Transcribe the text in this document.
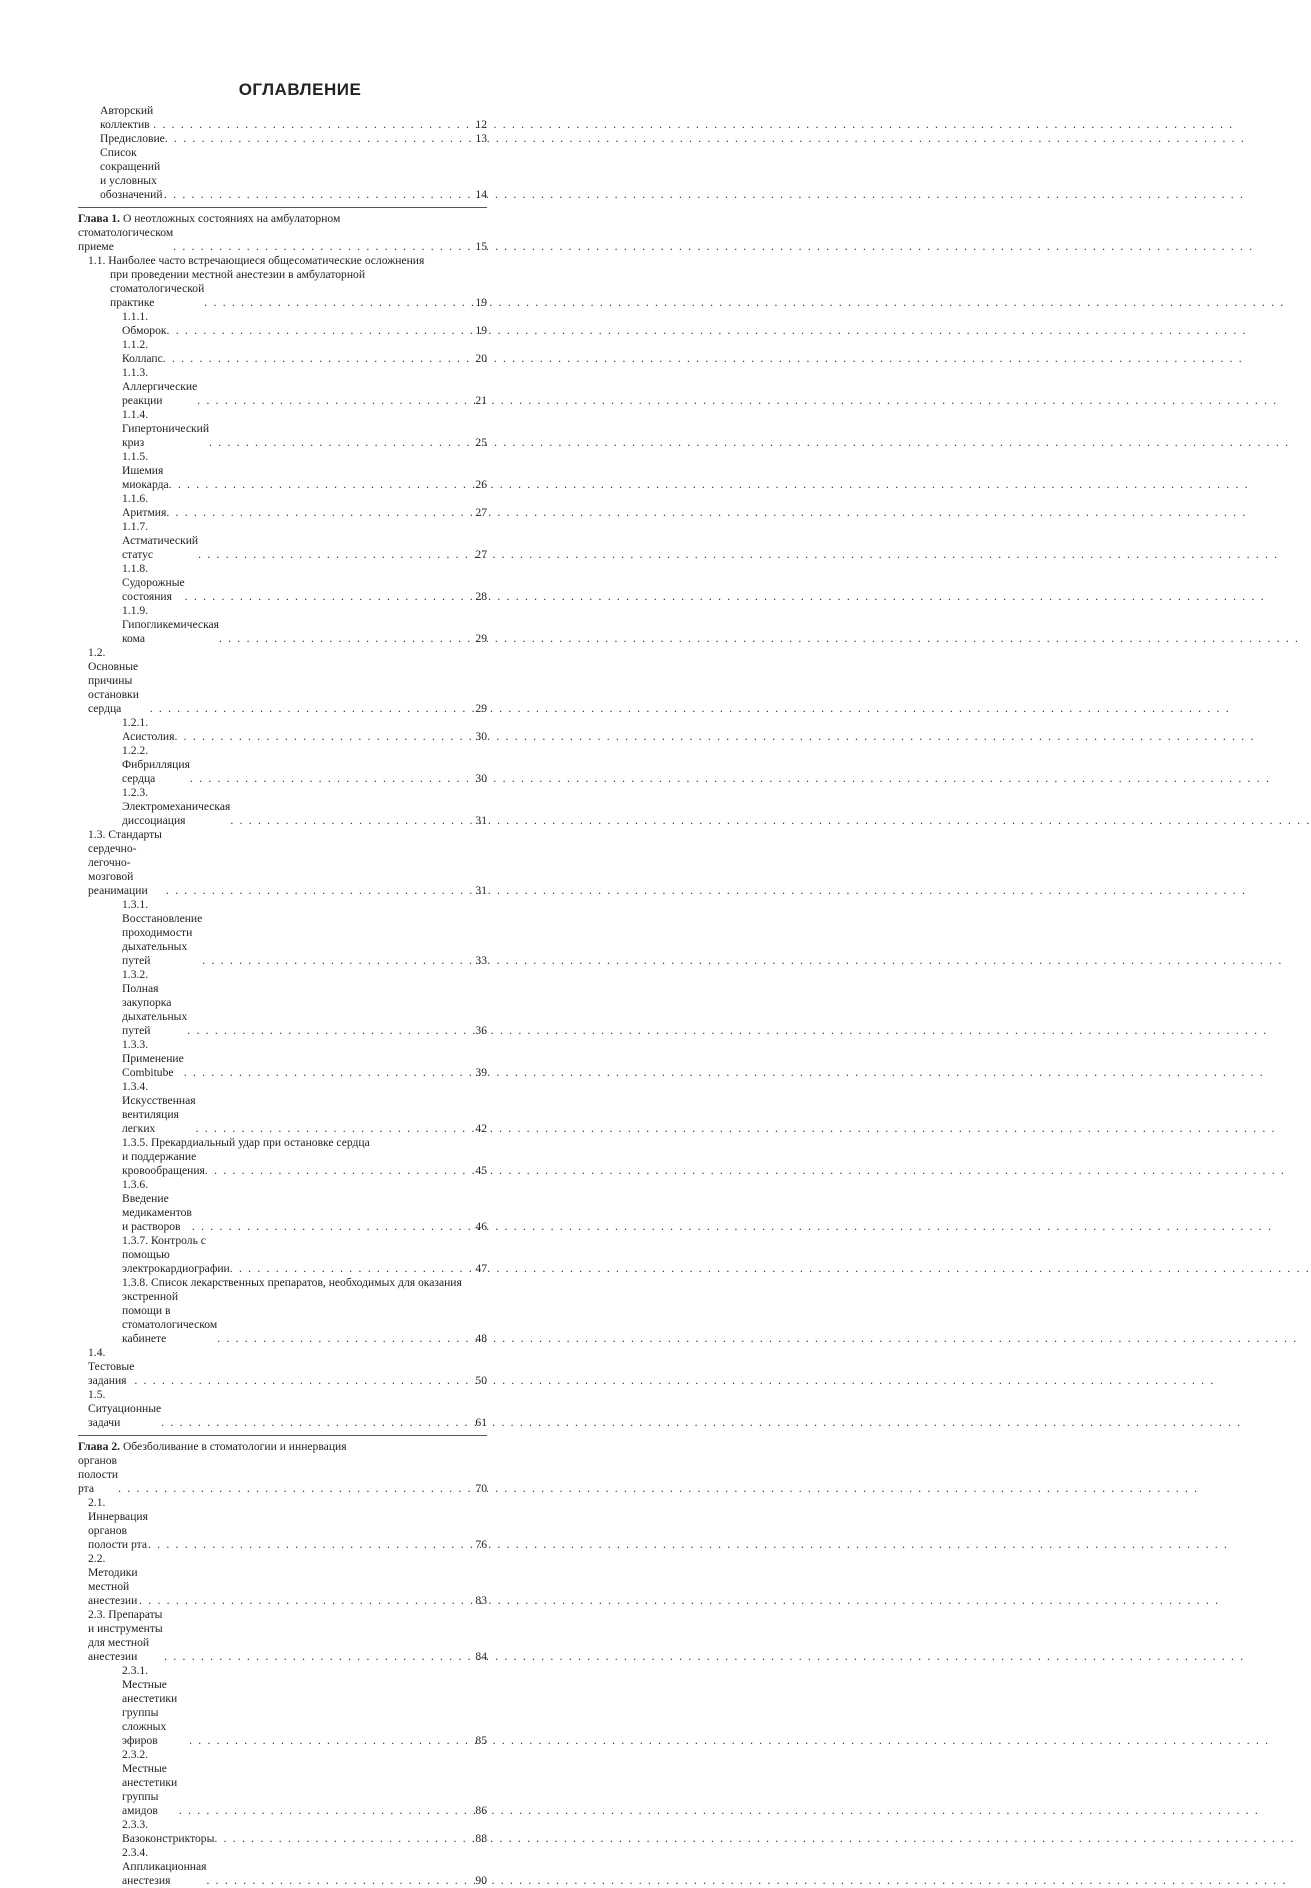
ОГЛАВЛЕНИЕ
Авторский коллектив . . .	12
Предисловие . . .	13
Список сокращений и условных обозначений . . .	14
Глава 1. О неотложных состояниях на амбулаторном
стоматологическом приеме . . .	15
1.1. Наиболее часто встречающиеся общесоматические осложнения
при проведении местной анестезии в амбулаторной
стоматологической практике . . .	19
1.1.1. Обморок . . .	19
1.1.2. Коллапс . . .	20
1.1.3. Аллергические реакции . . .	21
1.1.4. Гипертонический криз . . .	25
1.1.5. Ишемия миокарда . . .	26
1.1.6. Аритмия . . .	27
1.1.7. Астматический статус . . .	27
1.1.8. Судорожные состояния . . .	28
1.1.9. Гипогликемическая кома . . .	29
1.2. Основные причины остановки сердца . . .	29
1.2.1. Асистолия . . .	30
1.2.2. Фибрилляция сердца . . .	30
1.2.3. Электромеханическая диссоциация . . .	31
1.3. Стандарты сердечно-легочно-мозговой реанимации . . .	31
1.3.1. Восстановление проходимости дыхательных путей . . .	33
1.3.2. Полная закупорка дыхательных путей . . .	36
1.3.3. Применение Combitube . . .	39
1.3.4. Искусственная вентиляция легких . . .	42
1.3.5. Прекардиальный удар при остановке сердца
и поддержание кровообращения . . .	45
1.3.6. Введение медикаментов и растворов . . .	46
1.3.7. Контроль с помощью электрокардиографии . . .	47
1.3.8. Список лекарственных препаратов, необходимых для оказания
экстренной помощи в стоматологическом кабинете . . .	48
1.4. Тестовые задания . . .	50
1.5. Ситуационные задачи . . .	61
Глава 2. Обезболивание в стоматологии и иннервация
органов полости рта . . .	70
2.1. Иннервация органов полости рта . . .	76
2.2. Методики местной анестезии . . .	83
2.3. Препараты и инструменты для местной анестезии . . .	84
2.3.1. Местные анестетики группы сложных эфиров . . .	85
2.3.2. Местные анестетики группы амидов . . .	86
2.3.3. Вазоконстрикторы . . .	88
2.3.4. Аппликационная анестезия . . .	90
